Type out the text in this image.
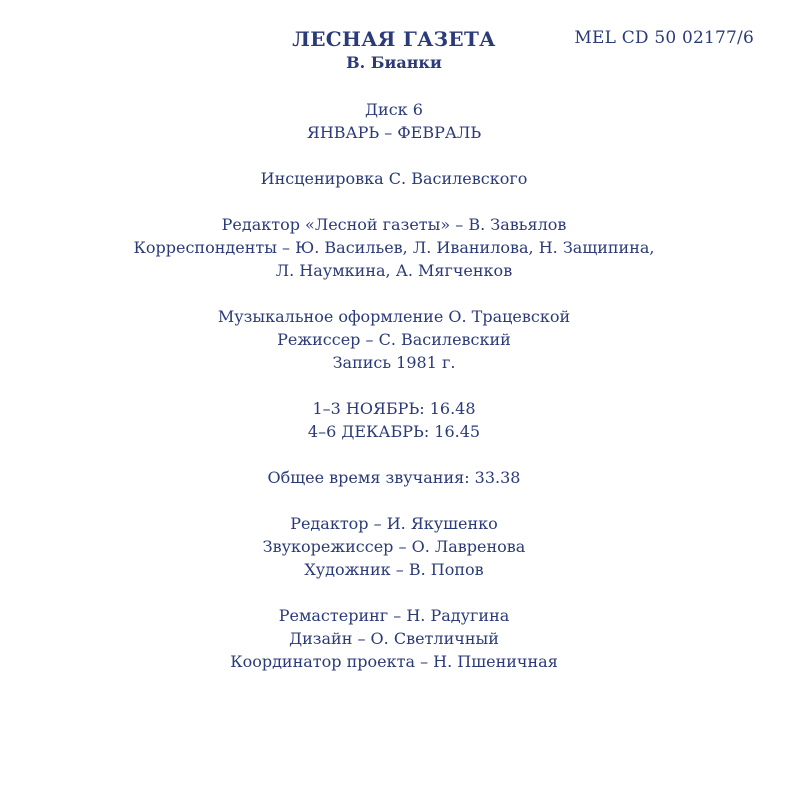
MEL CD 50 02177/6
ЛЕСНАЯ ГАЗЕТА
В. Бианки
Диск 6
ЯНВАРЬ – ФЕВРАЛЬ
Инсценировка С. Василевского
Редактор «Лесной газеты» – В. Завьялов
Корреспонденты – Ю. Васильев, Л. Иванилова, Н. Защипина,
Л. Наумкина, А. Мягченков
Музыкальное оформление О. Трацевской
Режиссер – С. Василевский
Запись 1981 г.
1–3 НОЯБРЬ: 16.48
4–6 ДЕКАБРЬ: 16.45
Общее время звучания: 33.38
Редактор – И. Якушенко
Звукорежиссер – О. Лавренова
Художник – В. Попов
Ремастеринг – Н. Радугина
Дизайн – О. Светличный
Координатор проекта – Н. Пшеничная
